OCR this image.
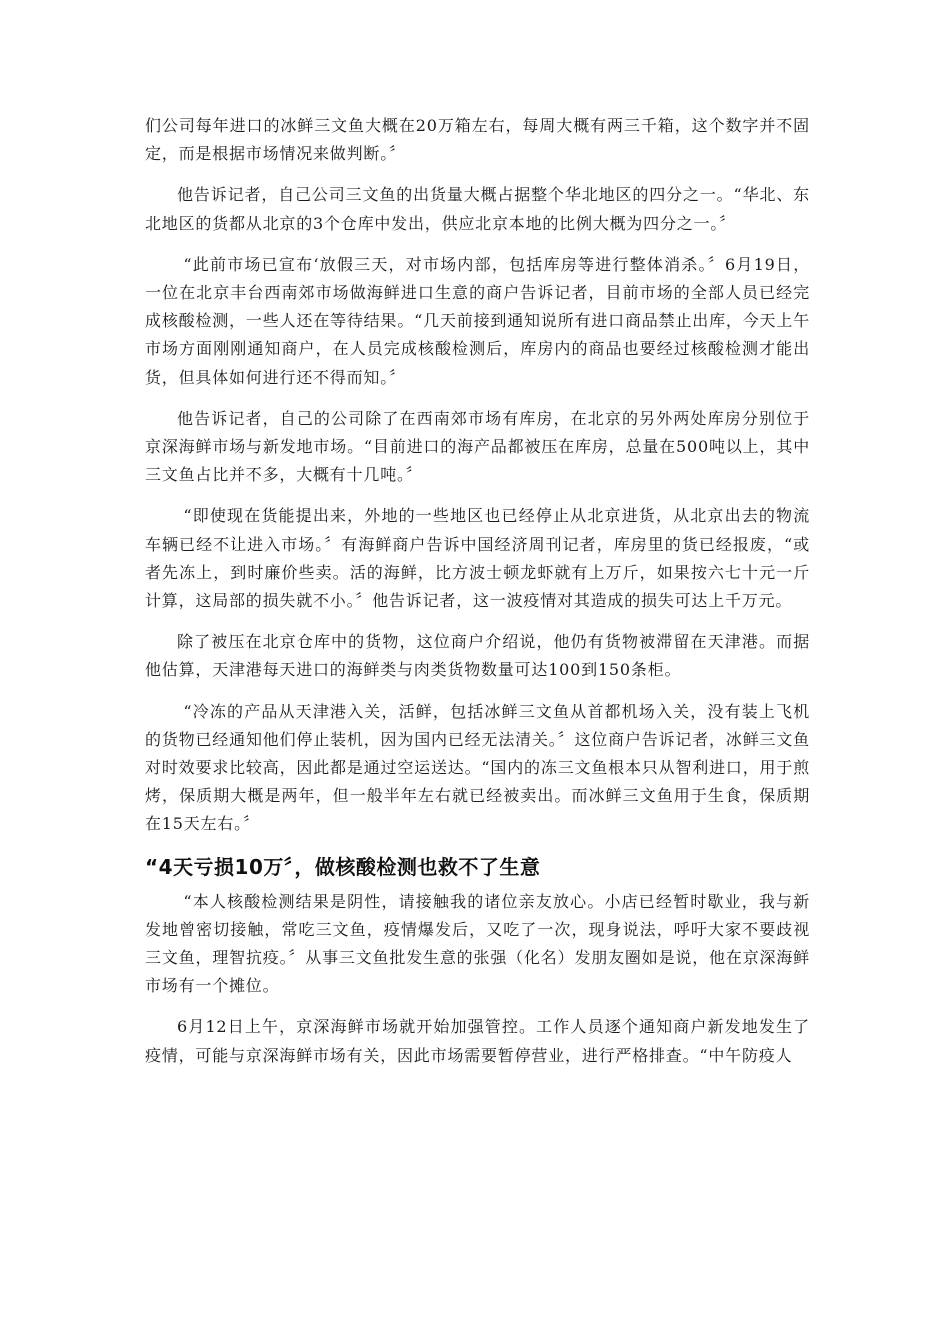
们公司每年进口的冰鲜三文鱼大概在20万箱左右，每周大概有两三千箱，这个数字并不固定，而是根据市场情况来做判断。〞

他告诉记者，自己公司三文鱼的出货量大概占据整个华北地区的四分之一。“华北、东北地区的货都从北京的3个仓库中发出，供应北京本地的比例大概为四分之一。〞

“此前市场已宣布‘放假三天，对市场内部，包括库房等进行整体消杀。〞6月19日，一位在北京丰台西南郊市场做海鲜进口生意的商户告诉记者，目前市场的全部人员已经完成核酸检测，一些人还在等待结果。“几天前接到通知说所有进口商品禁止出库，今天上午市场方面刚刚通知商户，在人员完成核酸检测后，库房内的商品也要经过核酸检测才能出货，但具体如何进行还不得而知。〞

他告诉记者，自己的公司除了在西南郊市场有库房，在北京的另外两处库房分别位于京深海鲜市场与新发地市场。“目前进口的海产品都被压在库房，总量在500吨以上，其中三文鱼占比并不多，大概有十几吨。〞

“即使现在货能提出来，外地的一些地区也已经停止从北京进货，从北京出去的物流车辆已经不让进入市场。〞有海鲜商户告诉中国经济周刊记者，库房里的货已经报废，“或者先冻上，到时廉价些卖。活的海鲜，比方波士顿龙虾就有上万斤，如果按六七十元一斤计算，这局部的损失就不小。〞他告诉记者，这一波疫情对其造成的损失可达上千万元。

除了被压在北京仓库中的货物，这位商户介绍说，他仍有货物被滞留在天津港。而据他估算，天津港每天进口的海鲜类与肉类货物数量可达100到150条柜。

“冷冻的产品从天津港入关，活鲜，包括冰鲜三文鱼从首都机场入关，没有装上飞机的货物已经通知他们停止装机，因为国内已经无法清关。〞这位商户告诉记者，冰鲜三文鱼对时效要求比较高，因此都是通过空运送达。“国内的冻三文鱼根本只从智利进口，用于煎烤，保质期大概是两年，但一般半年左右就已经被卖出。而冰鲜三文鱼用于生食，保质期在15天左右。〞

“4天亏损10万〞，做核酸检测也救不了生意

“本人核酸检测结果是阴性，请接触我的诸位亲友放心。小店已经暂时歇业，我与新发地曾密切接触，常吃三文鱼，疫情爆发后，又吃了一次，现身说法，呼吁大家不要歧视三文鱼，理智抗疫。〞从事三文鱼批发生意的张强（化名）发朋友圈如是说，他在京深海鲜市场有一个摊位。

6月12日上午，京深海鲜市场就开始加强管控。工作人员逐个通知商户新发地发生了疫情，可能与京深海鲜市场有关，因此市场需要暂停营业，进行严格排查。“中午防疫人
